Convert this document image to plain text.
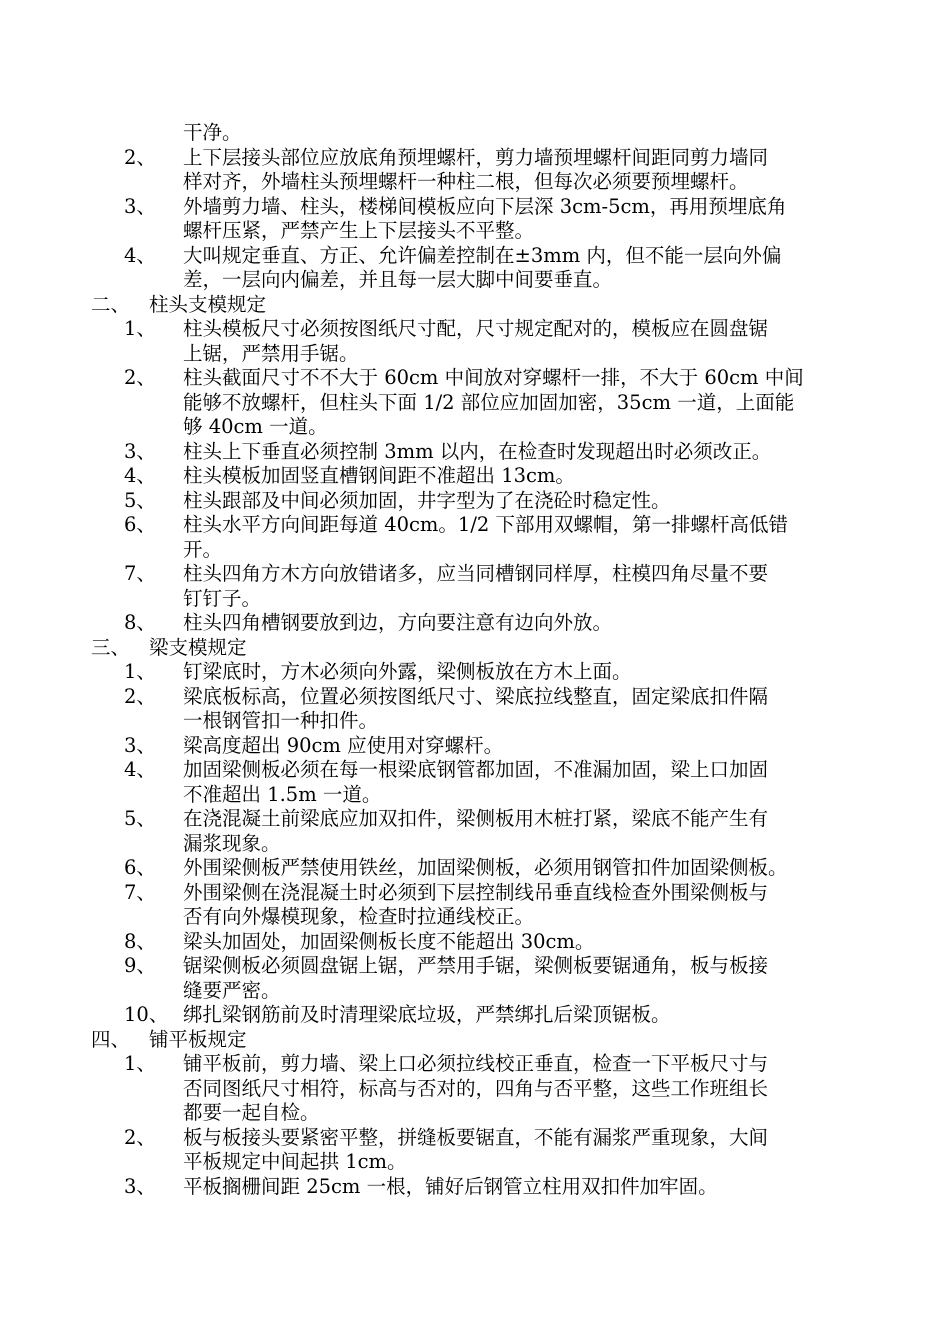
干净。
2、	上下层接头部位应放底角预埋螺杆，剪力墙预埋螺杆间距同剪力墙同
样对齐，外墙柱头预埋螺杆一种柱二根，但每次必须要预埋螺杆。
3、	外墙剪力墙、柱头，楼梯间模板应向下层深 3cm-5cm，再用预埋底角
螺杆压紧，严禁产生上下层接头不平整。
4、	大叫规定垂直、方正、允许偏差控制在±3mm 内，但不能一层向外偏
差，一层向内偏差，并且每一层大脚中间要垂直。
二、 柱头支模规定
1、	柱头模板尺寸必须按图纸尺寸配，尺寸规定配对的，模板应在圆盘锯
上锯，严禁用手锯。
2、	柱头截面尺寸不不大于 60cm 中间放对穿螺杆一排，不大于 60cm 中间
能够不放螺杆，但柱头下面 1/2 部位应加固加密，35cm 一道，上面能
够 40cm 一道。
3、	柱头上下垂直必须控制 3mm 以内，在检查时发现超出时必须改正。
4、	柱头模板加固竖直槽钢间距不准超出 13cm。
5、	柱头跟部及中间必须加固，井字型为了在浇砼时稳定性。
6、	柱头水平方向间距每道 40cm。1/2 下部用双螺帽，第一排螺杆高低错
开。
7、	柱头四角方木方向放错诸多，应当同槽钢同样厚，柱模四角尽量不要
钉钉子。
8、	柱头四角槽钢要放到边，方向要注意有边向外放。
三、 梁支模规定
1、	钉梁底时，方木必须向外露，梁侧板放在方木上面。
2、	梁底板标高，位置必须按图纸尺寸、梁底拉线整直，固定梁底扣件隔
一根钢管扣一种扣件。
3、	梁高度超出 90cm 应使用对穿螺杆。
4、	加固梁侧板必须在每一根梁底钢管都加固，不准漏加固，梁上口加固
不准超出 1.5m 一道。
5、	在浇混凝土前梁底应加双扣件，梁侧板用木桩打紧，梁底不能产生有
漏浆现象。
6、	外围梁侧板严禁使用铁丝，加固梁侧板，必须用钢管扣件加固梁侧板。
7、	外围梁侧在浇混凝土时必须到下层控制线吊垂直线检查外围梁侧板与
否有向外爆模现象，检查时拉通线校正。
8、	梁头加固处，加固梁侧板长度不能超出 30cm。
9、	锯梁侧板必须圆盘锯上锯，严禁用手锯，梁侧板要锯通角，板与板接
缝要严密。
10、 绑扎梁钢筋前及时清理梁底垃圾，严禁绑扎后梁顶锯板。
四、 铺平板规定
1、	铺平板前，剪力墙、梁上口必须拉线校正垂直，检查一下平板尺寸与
否同图纸尺寸相符，标高与否对的，四角与否平整，这些工作班组长
都要一起自检。
2、	板与板接头要紧密平整，拼缝板要锯直，不能有漏浆严重现象，大间
平板规定中间起拱 1cm。
3、	平板搁栅间距 25cm 一根，铺好后钢管立柱用双扣件加牢固。
